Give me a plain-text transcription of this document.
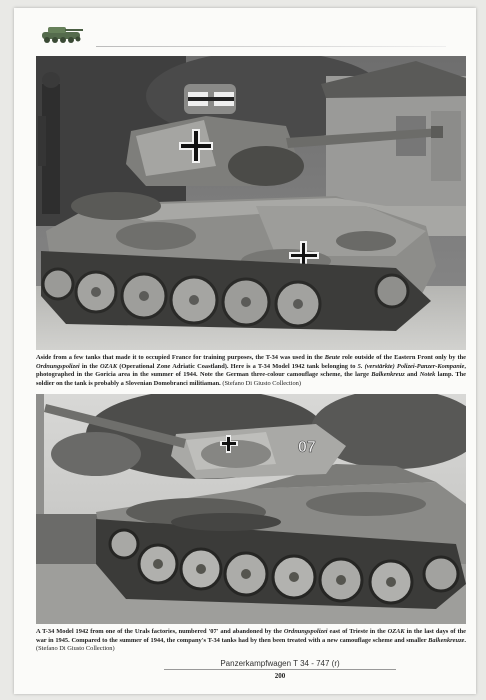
Aside from a few tanks that made it to occupied France for training purposes, the T-34 was used in the Beute role outside of the Eastern Front only by the Ordnungspolizei in the OZAK (Operational Zone Adriatic Coastland). Here is a T-34 Model 1942 tank belonging to 5. (verstärkte) Polizei-Panzer-Kompanie, photographed in the Goricia area in the summer of 1944. Note the German three-colour camouflage scheme, the large Balkenkreuz and Notek lamp. The soldier on the tank is probably a Slovenian Domobranci militiaman. (Stefano Di Giusto Collection)
07
A T-34 Model 1942 from one of the Urals factories, numbered '07' and abandoned by the Ordnungspolizei east of Trieste in the OZAK in the last days of the war in 1945. Compared to the summer of 1944, the company's T-34 tanks had by then been treated with a new camouflage scheme and smaller Balkenkreuze. (Stefano Di Giusto Collection)
Panzerkampfwagen T 34 - 747 (r)
200
